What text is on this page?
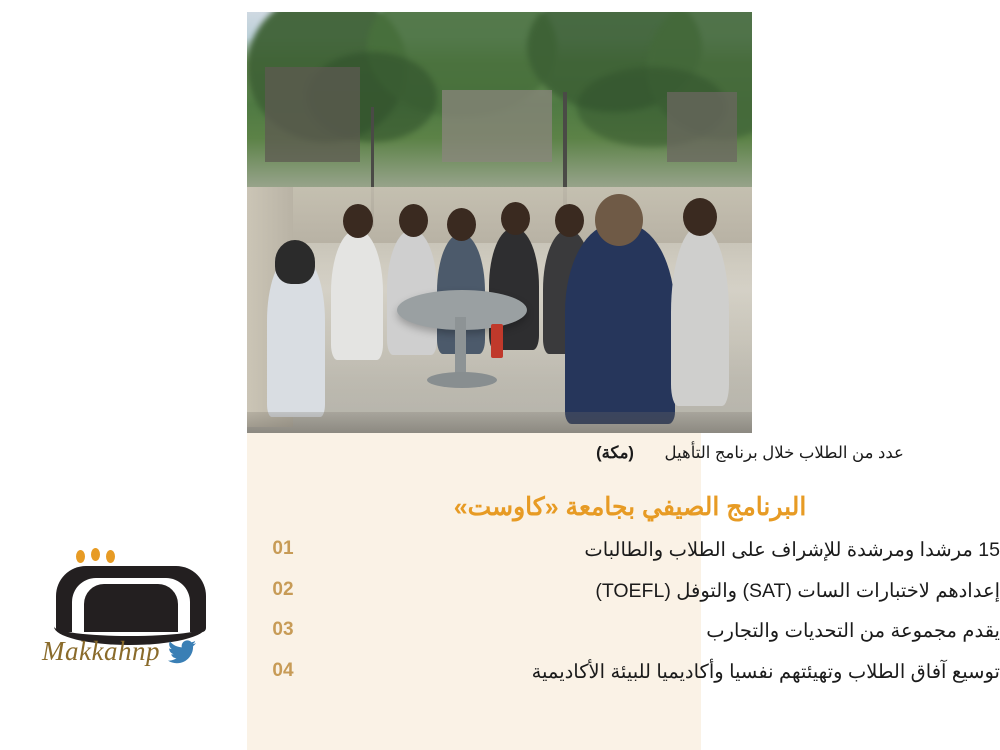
عدد من الطلاب خلال برنامج التأهيل (مكة)
البرنامج الصيفي بجامعة «كاوست»
15 مرشدا ومرشدة للإشراف على الطلاب والطالبات
01
إعدادهم لاختبارات السات (SAT) والتوفل (TOEFL)
02
يقدم مجموعة من التحديات والتجارب
03
توسيع آفاق الطلاب وتهيئتهم نفسيا وأكاديميا للبيئة الأكاديمية
04
Makkahnp
